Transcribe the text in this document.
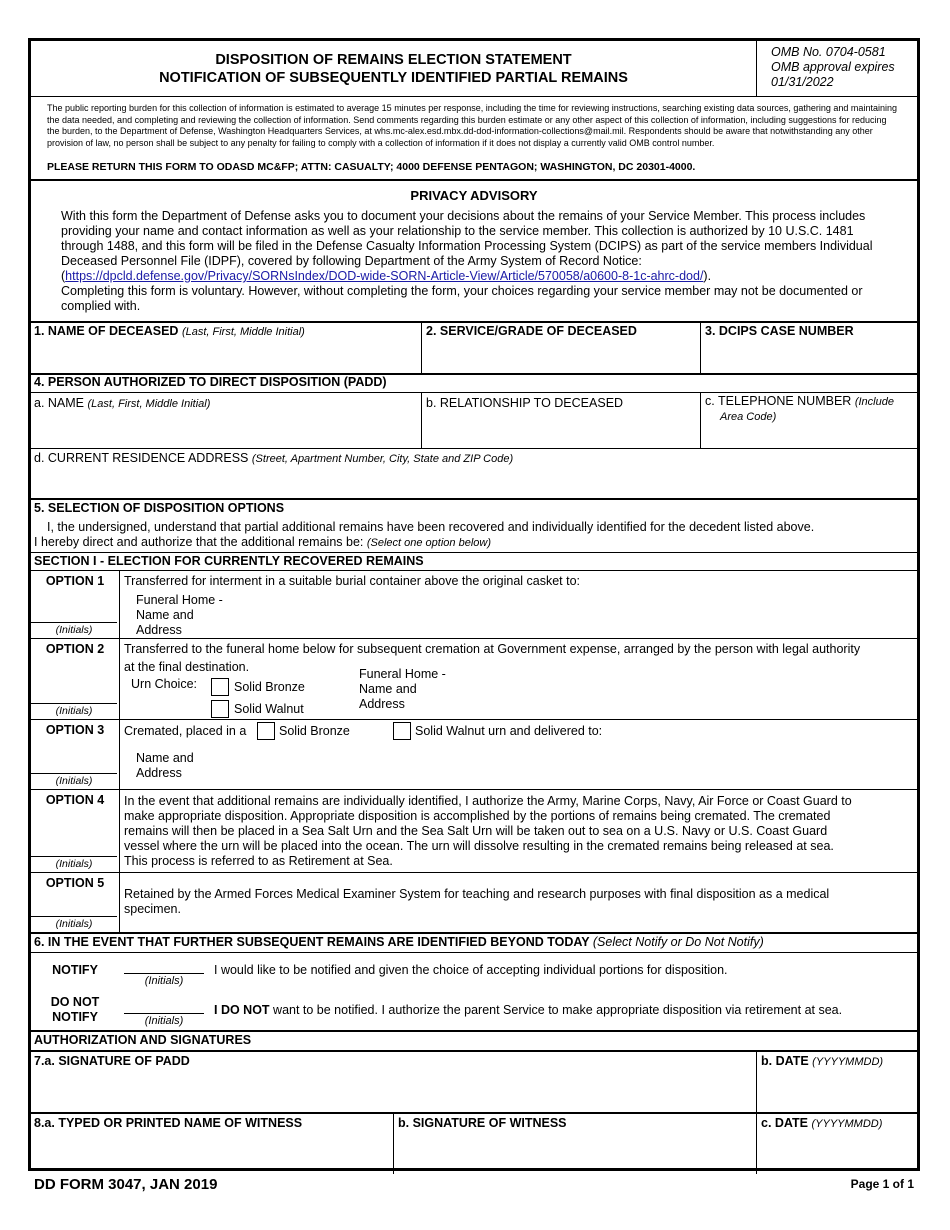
DISPOSITION OF REMAINS ELECTION STATEMENT
NOTIFICATION OF SUBSEQUENTLY IDENTIFIED PARTIAL REMAINS
OMB No. 0704-0581
OMB approval expires
01/31/2022
The public reporting burden for this collection of information is estimated to average 15 minutes per response, including the time for reviewing instructions, searching existing data sources, gathering and maintaining the data needed, and completing and reviewing the collection of information. Send comments regarding this burden estimate or any other aspect of this collection of information, including suggestions for reducing the burden, to the Department of Defense, Washington Headquarters Services, at whs.mc-alex.esd.mbx.dd-dod-information-collections@mail.mil. Respondents should be aware that notwithstanding any other provision of law, no person shall be subject to any penalty for failing to comply with a collection of information if it does not display a currently valid OMB control number.
PLEASE RETURN THIS FORM TO ODASD MC&FP; ATTN: CASUALTY; 4000 DEFENSE PENTAGON; WASHINGTON, DC 20301-4000.
PRIVACY ADVISORY
With this form the Department of Defense asks you to document your decisions about the remains of your Service Member. This process includes providing your name and contact information as well as your relationship to the service member. This collection is authorized by 10 U.S.C. 1481 through 1488, and this form will be filed in the Defense Casualty Information Processing System (DCIPS) as part of the service members Individual Deceased Personnel File (IDPF), covered by following Department of the Army System of Record Notice:
(https://dpcld.defense.gov/Privacy/SORNsIndex/DOD-wide-SORN-Article-View/Article/570058/a0600-8-1c-ahrc-dod/).
Completing this form is voluntary. However, without completing the form, your choices regarding your service member may not be documented or complied with.
1. NAME OF DECEASED (Last, First, Middle Initial)	2. SERVICE/GRADE OF DECEASED	3. DCIPS CASE NUMBER
4. PERSON AUTHORIZED TO DIRECT DISPOSITION (PADD)
a. NAME (Last, First, Middle Initial)	b. RELATIONSHIP TO DECEASED	c. TELEPHONE NUMBER (Include
Area Code)
d. CURRENT RESIDENCE ADDRESS (Street, Apartment Number, City, State and ZIP Code)
5. SELECTION OF DISPOSITION OPTIONS
I, the undersigned, understand that partial additional remains have been recovered and individually identified for the decedent listed above.
I hereby direct and authorize that the additional remains be: (Select one option below)
SECTION I - ELECTION FOR CURRENTLY RECOVERED REMAINS
OPTION 1
(Initials)
Transferred for interment in a suitable burial container above the original casket to:
Funeral Home -
Name and
Address
OPTION 2
(Initials)
Transferred to the funeral home below for subsequent cremation at Government expense, arranged by the person with legal authority
at the final destination.
Urn Choice:	Solid Bronze
Solid Walnut
Funeral Home -
Name and
Address
OPTION 3
(Initials)
Cremated, placed in a	Solid Bronze	Solid Walnut urn and delivered to:
Name and
Address
OPTION 4
(Initials)
In the event that additional remains are individually identified, I authorize the Army, Marine Corps, Navy, Air Force or Coast Guard to make appropriate disposition. Appropriate disposition is accomplished by the portions of remains being cremated. The cremated remains will then be placed in a Sea Salt Urn and the Sea Salt Urn will be taken out to sea on a U.S. Navy or U.S. Coast Guard vessel where the urn will be placed into the ocean. The urn will dissolve resulting in the cremated remains being released at sea. This process is referred to as Retirement at Sea.
OPTION 5
(Initials)
Retained by the Armed Forces Medical Examiner System for teaching and research purposes with final disposition as a medical specimen.
6. IN THE EVENT THAT FURTHER SUBSEQUENT REMAINS ARE IDENTIFIED BEYOND TODAY (Select Notify or Do Not Notify)
NOTIFY
(Initials)
I would like to be notified and given the choice of accepting individual portions for disposition.
DO NOT
NOTIFY	(Initials)
I DO NOT want to be notified. I authorize the parent Service to make appropriate disposition via retirement at sea.
AUTHORIZATION AND SIGNATURES
7.a. SIGNATURE OF PADD	b. DATE (YYYYMMDD)
8.a. TYPED OR PRINTED NAME OF WITNESS	b. SIGNATURE OF WITNESS	c. DATE (YYYYMMDD)
DD FORM 3047, JAN 2019	Page 1 of 1
